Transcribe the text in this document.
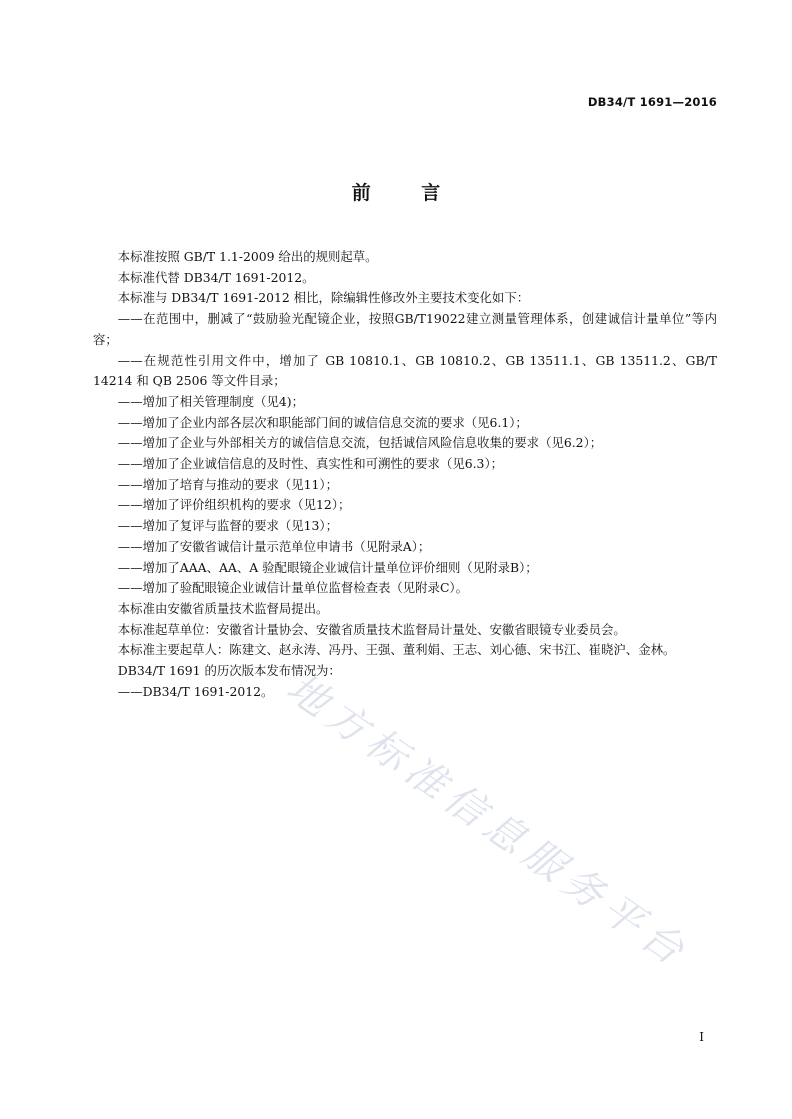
DB34/T 1691—2016
前 言

本标准按照 GB/T 1.1-2009 给出的规则起草。

本标准代替 DB34/T 1691-2012。

本标准与 DB34/T 1691-2012 相比，除编辑性修改外主要技术变化如下：

——在范围中，删减了“鼓励验光配镜企业，按照GB/T19022建立测量管理体系，创建诚信计量单位”等内容；

——在规范性引用文件中，增加了 GB 10810.1、GB 10810.2、GB 13511.1、GB 13511.2、GB/T 14214 和 QB 2506 等文件目录；

——增加了相关管理制度（见4)；

——增加了企业内部各层次和职能部门间的诚信信息交流的要求（见6.1）；

——增加了企业与外部相关方的诚信信息交流，包括诚信风险信息收集的要求（见6.2）；

——增加了企业诚信信息的及时性、真实性和可溯性的要求（见6.3）；

——增加了培育与推动的要求（见11）；

——增加了评价组织机构的要求（见12）；

——增加了复评与监督的要求（见13）；

——增加了安徽省诚信计量示范单位申请书（见附录A）；

——增加了AAA、AA、A 验配眼镜企业诚信计量单位评价细则（见附录B）；

——增加了验配眼镜企业诚信计量单位监督检查表（见附录C）。

本标准由安徽省质量技术监督局提出。

本标准起草单位：安徽省计量协会、安徽省质量技术监督局计量处、安徽省眼镜专业委员会。

本标准主要起草人：陈建文、赵永涛、冯丹、王强、董利娟、王志、刘心德、宋书江、崔晓沪、金林。

DB34/T 1691 的历次版本发布情况为：

——DB34/T 1691-2012。 地方标准信息服务平台
I
